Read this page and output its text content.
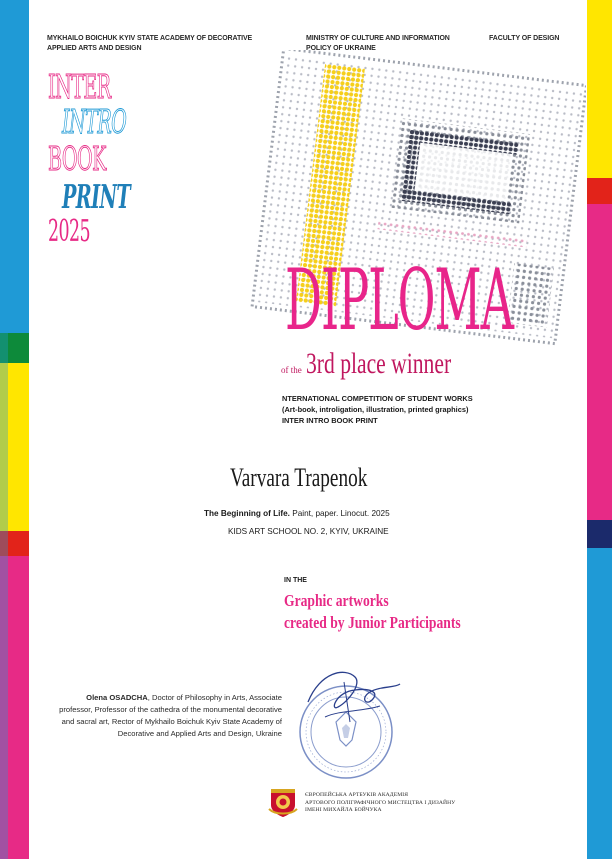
MYKHAILO BOICHUK KYIV STATE ACADEMY OF DECORATIVE APPLIED ARTS AND DESIGN
MINISTRY OF CULTURE AND INFORMATION POLICY OF UKRAINE
FACULTY OF DESIGN
INTER
INTRO
BOOK
PRINT
2025
DIPLOMA
of the 3rd place winner
NTERNATIONAL COMPETITION OF STUDENT WORKS
(Art-book, introligation, illustration, printed graphics)
INTER INTRO BOOK PRINT
Varvara Trapenok
The Beginning of Life. Paint, paper. Linocut. 2025
KIDS ART SCHOOL NO. 2, KYIV, UKRAINE
IN THE
Graphic artworks
created by Junior Participants
Olena OSADCHA, Doctor of Philosophy in Arts, Associate professor, Professor of the cathedra of the monumental decorative and sacral art, Rector of Mykhailo Boichuk Kyiv State Academy of Decorative and Applied Arts and Design, Ukraine
ЄВРОПЕЙСЬКА АРТБУКІВ АКАДЕМІЯ
АРТОВОГО ПОЛІГРАФІЧНОГО МИСТЕЦТВА І ДИЗАЙНУ
ІМЕНІ МИХАЙЛА БОЙЧУКА
